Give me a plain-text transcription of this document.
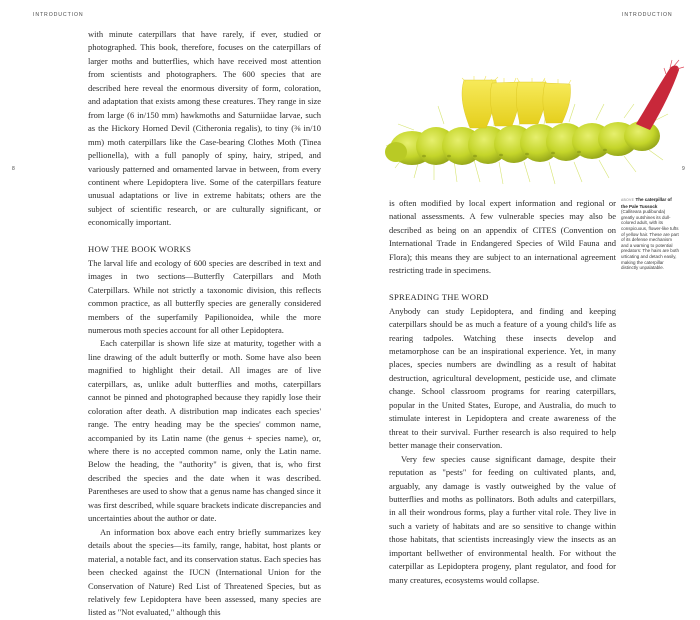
INTRODUCTION	INTRODUCTION
8	9

with minute caterpillars that have rarely, if ever, studied or photographed. This book, therefore, focuses on the caterpillars of larger moths and butterflies, which have received most attention from scientists and photographers. The 600 species that are described here reveal the enormous diversity of form, coloration, and adaptation that exists among these creatures. They range in size from large (6 in/150 mm) hawkmoths and Saturniidae larvae, such as the Hickory Horned Devil (Citheronia regalis), to tiny (⅜ in/10 mm) moth caterpillars like the Case-bearing Clothes Moth (Tinea pellionella), with a full panoply of spiny, hairy, striped, and variously patterned and ornamented larvae in between, from every continent where Lepidoptera live. Some of the caterpillars feature unusual adaptations or live in extreme habitats; others are the subject of scientific research, or are culturally significant, or economically important.

HOW THE BOOK WORKS

The larval life and ecology of 600 species are described in text and images in two sections—Butterfly Caterpillars and Moth Caterpillars. While not strictly a taxonomic division, this reflects common practice, as all butterfly species are generally considered members of the superfamily Papilionoidea, while the more numerous moth species account for all other Lepidoptera.

Each caterpillar is shown life size at maturity, together with a line drawing of the adult butterfly or moth. Some have also been magnified to highlight their detail. All images are of live caterpillars, as, unlike adult butterflies and moths, caterpillars cannot be pinned and photographed because they rapidly lose their coloration after death. A distribution map indicates each species' range. The entry heading may be the species' common name, accompanied by its Latin name (the genus + species name), or, where there is no accepted common name, only the Latin name. Below the heading, the "authority" is given, that is, who first described the species and the date when it was described. Parentheses are used to show that a genus name has changed since it was first described, while square brackets indicate discrepancies and uncertainties about the author or date.

An information box above each entry briefly summarizes key details about the species—its family, range, habitat, host plants or material, a notable fact, and its conservation status. Each species has been checked against the IUCN (International Union for the Conservation of Nature) Red List of Threatened Species, but as relatively few Lepidoptera have been assessed, many species are listed as "Not evaluated," although this

ABOVE The caterpillar of the Pale Tussock (Calliteara pudibunda) greatly outshines its dull-colored adult, with its conspicuous, flower-like tufts of yellow hair. These are part of its defense mechanism and a warning to potential predators: The hairs are both urticating and detach easily, making the caterpillar distinctly unpalatable.

is often modified by local expert information and regional or national assessments. A few vulnerable species may also be described as being on an appendix of CITES (Convention on International Trade in Endangered Species of Wild Fauna and Flora); this means they are subject to an international agreement restricting trade in specimens.

SPREADING THE WORD

Anybody can study Lepidoptera, and finding and keeping caterpillars should be as much a feature of a young child's life as rearing tadpoles. Watching these insects develop and metamorphose can be an inspirational experience. Yet, in many places, species numbers are dwindling as a result of habitat destruction, agricultural development, pesticide use, and climate change. School classroom programs for rearing caterpillars, popular in the United States, Europe, and Australia, do much to stimulate interest in Lepidoptera and create awareness of the threat to their survival. Further research is also required to help better manage their conservation.

Very few species cause significant damage, despite their reputation as "pests" for feeding on cultivated plants, and, arguably, any damage is vastly outweighed by the value of butterflies and moths as pollinators. Both adults and caterpillars, in all their wondrous forms, play a further vital role. They live in such a variety of habitats and are so sensitive to change within those habitats, that scientists increasingly view the insects as an important bellwether of environmental health. For without the caterpillar as Lepidoptera progeny, plant regulator, and food for many creatures, ecosystems would collapse.
